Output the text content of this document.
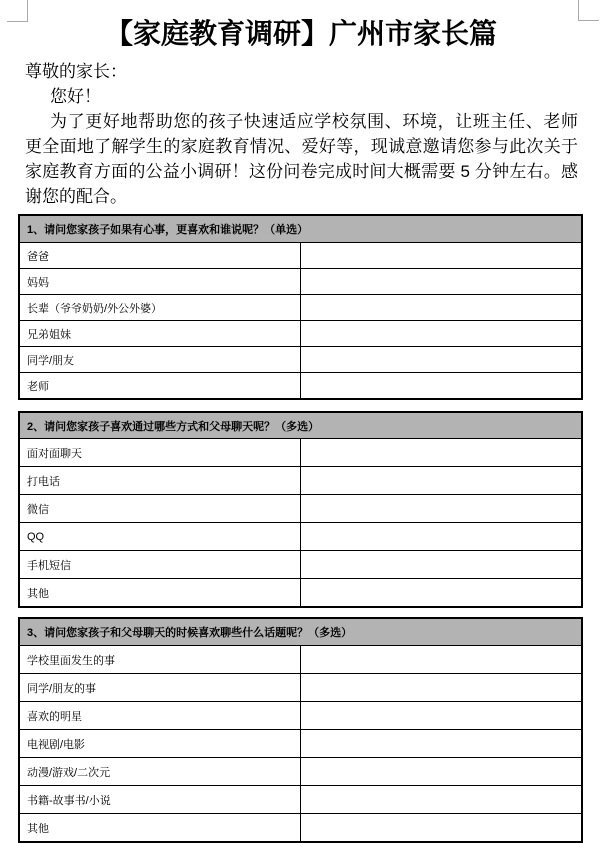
【家庭教育调研】广州市家长篇
尊敬的家长：
您好！
为了更好地帮助您的孩子快速适应学校氛围、环境，让班主任、老师
更全面地了解学生的家庭教育情况、爱好等，现诚意邀请您参与此次关于
家庭教育方面的公益小调研！这份问卷完成时间大概需要 5 分钟左右。感
谢您的配合。
1、请问您家孩子如果有心事，更喜欢和谁说呢？（单选）	
爸爸	
妈妈	
长辈（爷爷奶奶/外公外婆）	
兄弟姐妹	
同学/朋友	
老师	
2、请问您家孩子喜欢通过哪些方式和父母聊天呢？（多选）	
面对面聊天	
打电话	
微信	
QQ	
手机短信	
其他	
3、请问您家孩子和父母聊天的时候喜欢聊些什么话题呢？（多选）	
学校里面发生的事	
同学/朋友的事	
喜欢的明星	
电视剧/电影	
动漫/游戏/二次元	
书籍-故事书/小说	
其他	
